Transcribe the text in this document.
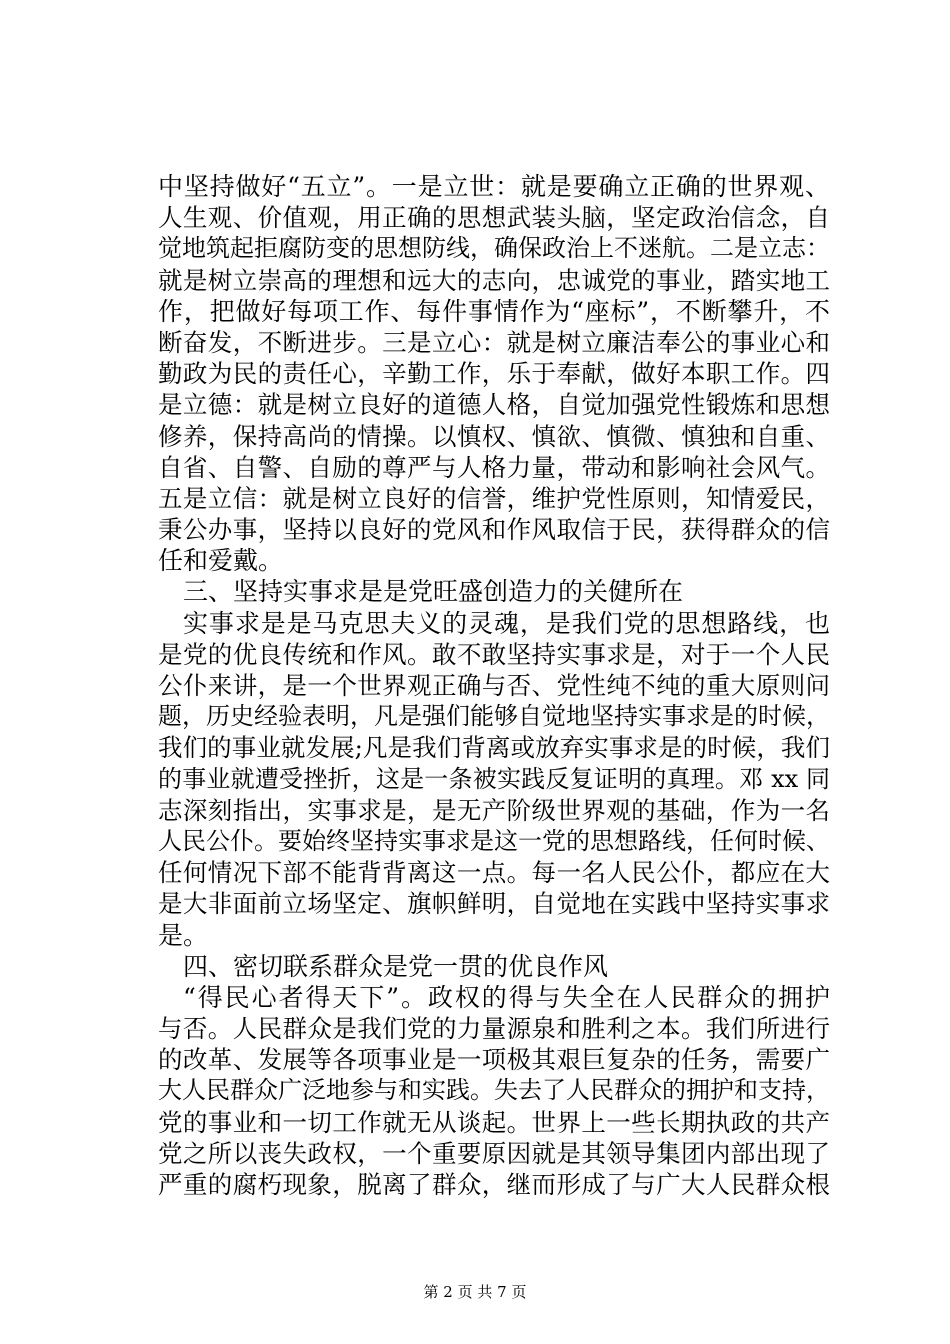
中坚持做好“五立”。一是立世：就是要确立正确的世界观、
人生观、价值观，用正确的思想武装头脑，坚定政治信念，自
觉地筑起拒腐防变的思想防线，确保政治上不迷航。二是立志：
就是树立崇高的理想和远大的志向，忠诚党的事业，踏实地工
作，把做好每项工作、每件事情作为“座标”，不断攀升，不
断奋发，不断进步。三是立心：就是树立廉洁奉公的事业心和
勤政为民的责任心，辛勤工作，乐于奉献，做好本职工作。四
是立德：就是树立良好的道德人格，自觉加强党性锻炼和思想
修养，保持高尚的情操。以慎权、慎欲、慎微、慎独和自重、
自省、自警、自励的尊严与人格力量，带动和影响社会风气。
五是立信：就是树立良好的信誉，维护党性原则，知情爱民，
秉公办事，坚持以良好的党风和作风取信于民，获得群众的信
任和爱戴。
三、坚持实事求是是党旺盛创造力的关健所在
实事求是是马克思夫义的灵魂，是我们党的思想路线，也
是党的优良传统和作风。敢不敢坚持实事求是，对于一个人民
公仆来讲，是一个世界观正确与否、党性纯不纯的重大原则问
题，历史经验表明，凡是强们能够自觉地坚持实事求是的时候，
我们的事业就发展;凡是我们背离或放弃实事求是的时候，我们
的事业就遭受挫折，这是一条被实践反复证明的真理。邓 xx 同
志深刻指出，实事求是，是无产阶级世界观的基础，作为一名
人民公仆。要始终坚持实事求是这一党的思想路线，任何时候、
任何情况下部不能背背离这一点。每一名人民公仆，都应在大
是大非面前立场坚定、旗帜鲜明，自觉地在实践中坚持实事求
是。
四、密切联系群众是党一贯的优良作风
“得民心者得天下”。政权的得与失全在人民群众的拥护
与否。人民群众是我们党的力量源泉和胜利之本。我们所进行
的改革、发展等各项事业是一项极其艰巨复杂的任务，需要广
大人民群众广泛地参与和实践。失去了人民群众的拥护和支持，
党的事业和一切工作就无从谈起。世界上一些长期执政的共产
党之所以丧失政权，一个重要原因就是其领导集团内部出现了
严重的腐朽现象，脱离了群众，继而形成了与广大人民群众根
第 2 页 共 7 页
